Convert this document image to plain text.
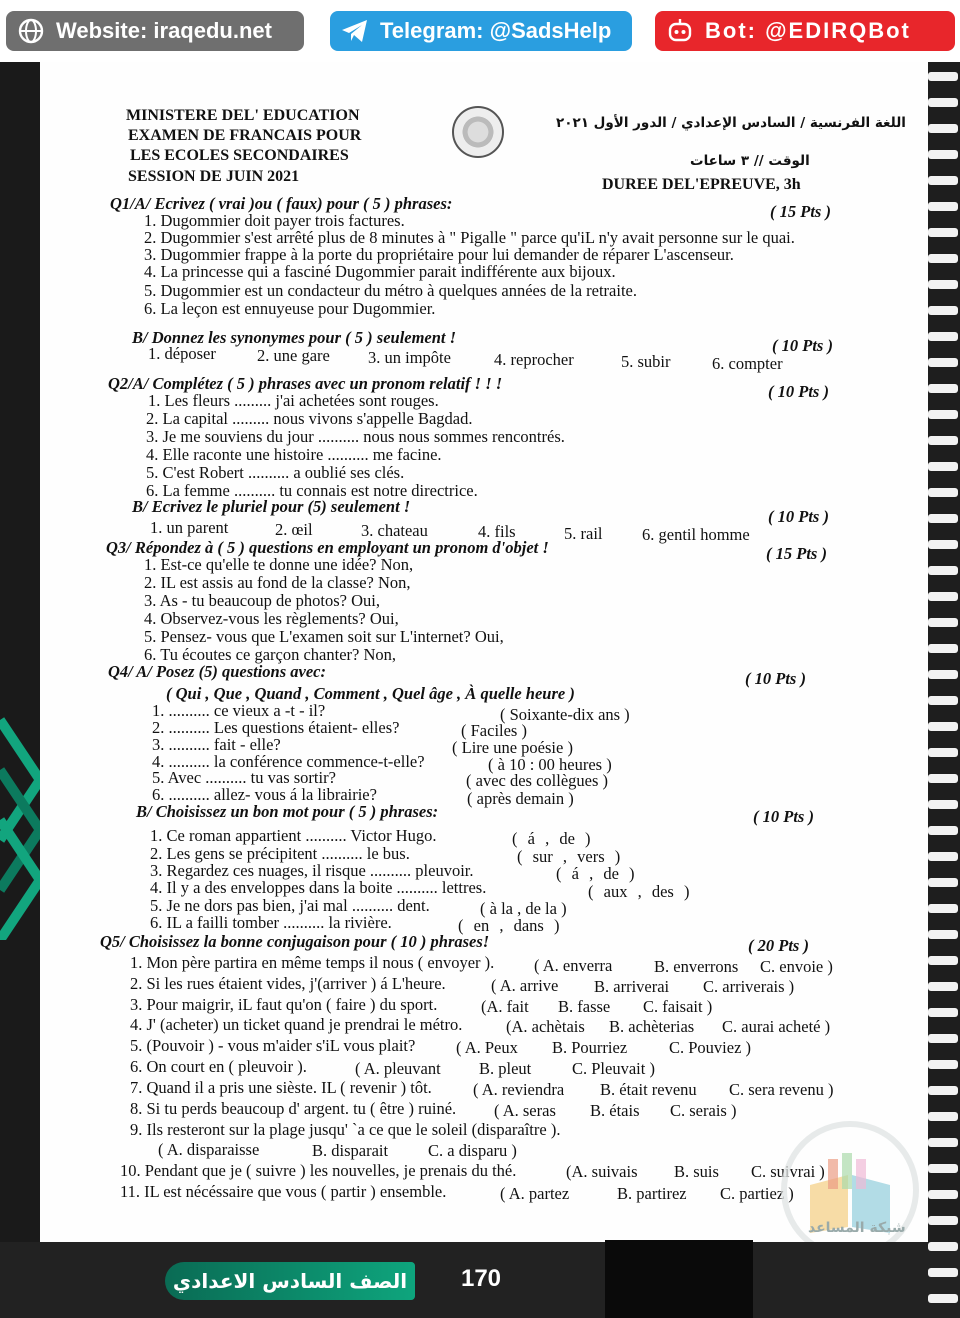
Website: iraqedu.net	Telegram: @SadsHelp	Bot: @EDIRQBot
MINISTERE DEL' EDUCATION
EXAMEN DE FRANCAIS POUR
LES ECOLES SECONDAIRES
SESSION DE JUIN 2021
اللغة الفرنسية / السادس الإعدادي / الدور الأول ٢٠٢١
الوقت // ٣ ساعات
DUREE DEL'EPREUVE, 3h
Q1/A/ Ecrivez ( vrai )ou ( faux) pour ( 5 ) phrases:	( 15 Pts )
1. Dugommier doit payer trois factures.
2. Dugommier s'est arrêté plus de 8 minutes à " Pigalle " parce qu'iL n'y avait personne sur le quai.
3. Dugommier frappe à la porte du propriétaire pour lui demander de réparer L'ascenseur.
4. La princesse qui a fasciné Dugommier parait indifférente aux bijoux.
5. Dugommier est un condacteur du métro à quelques années de la retraite.
6. La leçon est ennuyeuse pour Dugommier.
B/ Donnez les synonymes pour ( 5 ) seulement !	( 10 Pts )
1. déposer 2. une gare 3. un impôte	4. reprocher	5. subir	6. compter
Q2/A/ Complétez ( 5 ) phrases avec un pronom relatif ! ! !	( 10 Pts )
1. Les fleurs ......... j'ai achetées sont rouges.
2. La capital ......... nous vivons s'appelle Bagdad.
3. Je me souviens du jour .......... nous nous sommes rencontrés.
4. Elle raconte une histoire .......... me facine.
5. C'est Robert .......... a oublié ses clés.
6. La femme .......... tu connais est notre directrice.
B/ Ecrivez le pluriel pour (5) seulement !
( 10 Pts )
1. un parent	2. œil	3. chateau	4. fils	5. rail 6. gentil homme
Q3/ Répondez à ( 5 ) questions en employant un pronom d'objet !	( 15 Pts )
1. Est-ce qu'elle te donne une idée? Non,
2. IL est assis au fond de la classe? Non,
3. As - tu beaucoup de photos? Oui,
4. Observez-vous les règlements? Oui,
5. Pensez- vous que L'examen soit sur L'internet? Oui,
6. Tu écoutes ce garçon chanter? Non,
Q4/ A/ Posez (5) questions avec:	( 10 Pts )
( Qui , Que , Quand , Comment , Quel âge , À quelle heure )
1. .......... ce vieux a -t - il?	( Soixante-dix ans )
2. .......... Les questions étaient- elles?	( Faciles )
3. .......... fait - elle?	( Lire une poésie )
4. .......... la conférence commence-t-elle?	( à 10 : 00 heures )
5. Avec .......... tu vas sortir?	( avec des collègues )
6. .......... allez- vous á la librairie?	( après demain )
B/ Choisissez un bon mot pour ( 5 ) phrases:	( 10 Pts )
1. Ce roman appartient .......... Victor Hugo.	( á , de )
2. Les gens se précipitent .......... le bus.	( sur , vers )
3. Regardez ces nuages, il risque .......... pleuvoir.	( á , de )
4. Il y a des enveloppes dans la boite .......... lettres.	( aux , des )
5. Je ne dors pas bien, j'ai mal .......... dent.	( à la , de la )
6. IL a failli tomber .......... la rivière.	( en , dans )
Q5/ Choisissez la bonne conjugaison pour ( 10 ) phrases!	( 20 Pts )
1. Mon père partira en même temps il nous ( envoyer ). ( A. enverra	B. enverrons C. envoie )
2. Si les rues étaient vides, j'(arriver ) á L'heure.	( A. arrive B. arriverai C. arriverais )
3. Pour maigrir, iL faut qu'on ( faire ) du sport.	(A. fait B. fasse C. faisait )
4. J' (acheter) un ticket quand je prendrai le métro.	(A. achètais B. achèterias C. aurai acheté )
5. (Pouvoir ) - vous m'aider s'iL vous plait? ( A. Peux B. Pourriez	C. Pouviez )
6. On court en ( pleuvoir ).	( A. pleuvant B. pleut C. Pleuvait )
7. Quand il a pris une sièste. IL ( revenir ) tôt. ( A. reviendra B. était revenu C. sera revenu )
8. Si tu perds beaucoup d' argent. tu ( être ) ruiné. ( A. seras B. étais C. serais )
9. Ils resteront sur la plage jusqu' `a ce que le soleil (disparaître ).
( A. disparaisse	B. disparait C. a disparu )
10. Pendant que je ( suivre ) les nouvelles, je prenais du thé.	(A. suivais B. suis C. suivrai )
11. IL est nécéssaire que vous ( partir ) ensemble.	( A. partez	B. partirez C. partiez )
شبكة المساعد
الصف السادس الاعدادي	170
